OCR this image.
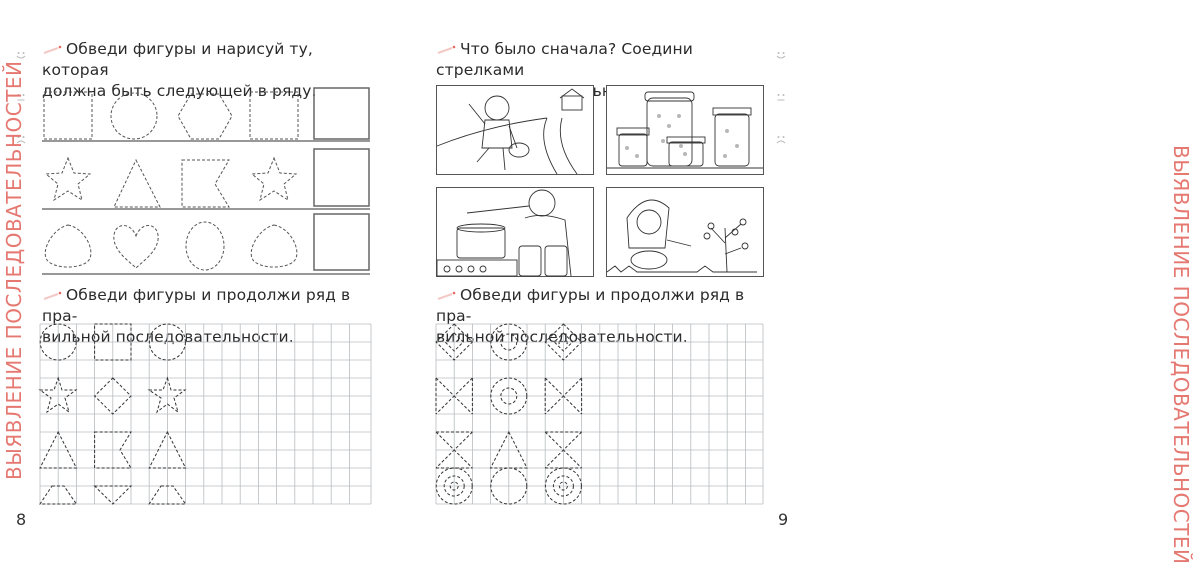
ВЫЯВЛЕНИЕ ПОСЛЕДОВАТЕЛЬНОСТЕЙ
Обведи фигуры и нарисуй ту, которая
должна быть следующей в ряду.
Обведи фигуры и продолжи ряд в пра-
вильной последовательности.
8
Что было сначала? Соедини стрелками
картинки в правильном порядке.

Обведи фигуры и продолжи ряд в пра-
вильной последовательности.	ВЫЯВЛЕНИЕ ПОСЛЕДОВАТЕЛЬНОСТЕЙ
9
